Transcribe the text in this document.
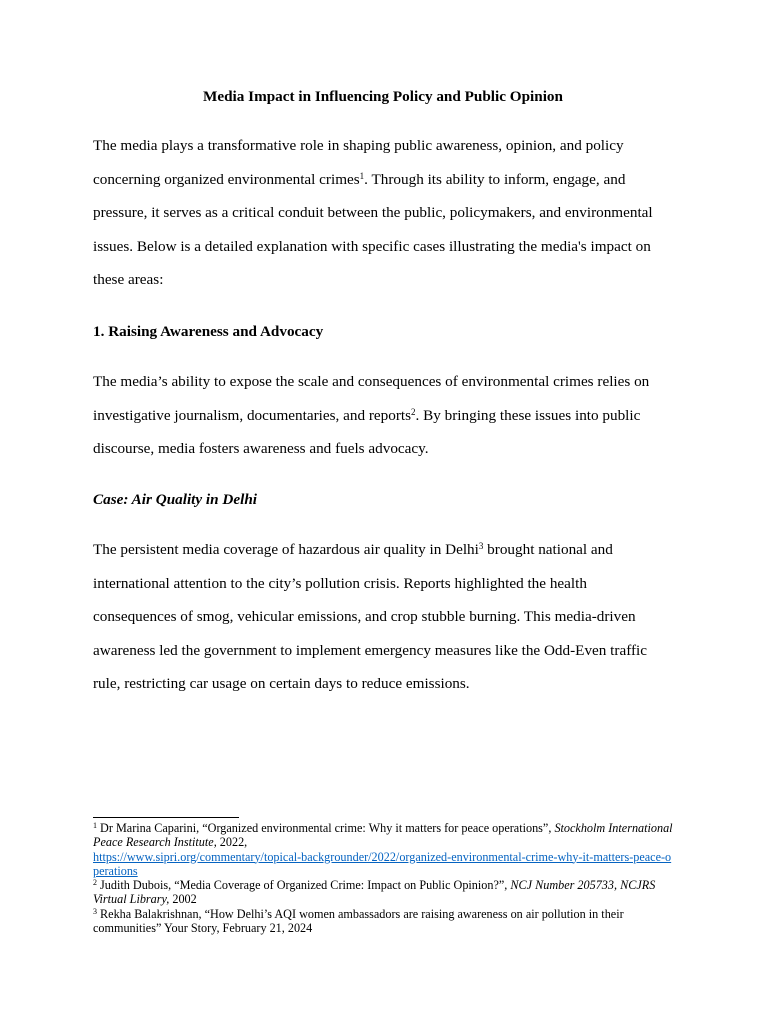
Media Impact in Influencing Policy and Public Opinion

The media plays a transformative role in shaping public awareness, opinion, and policy concerning organized environmental crimes$^1$. Through its ability to inform, engage, and pressure, it serves as a critical conduit between the public, policymakers, and environmental issues. Below is a detailed explanation with specific cases illustrating the media's impact on these areas:

1. Raising Awareness and Advocacy

The media’s ability to expose the scale and consequences of environmental crimes relies on investigative journalism, documentaries, and reports$^2$. By bringing these issues into public discourse, media fosters awareness and fuels advocacy.

Case: Air Quality in Delhi

The persistent media coverage of hazardous air quality in Delhi$^3$ brought national and international attention to the city’s pollution crisis. Reports highlighted the health consequences of smog, vehicular emissions, and crop stubble burning. This media-driven awareness led the government to implement emergency measures like the Odd-Even traffic rule, restricting car usage on certain days to reduce emissions.

$^1$ Dr Marina Caparini, “Organized environmental crime: Why it matters for peace operations”, Stockholm International Peace Research Institute, 2022,
https://www.sipri.org/commentary/topical-backgrounder/2022/organized-environmental-crime-why-it-matters-peace-operations

$^2$ Judith Dubois, “Media Coverage of Organized Crime: Impact on Public Opinion?”, NCJ Number 205733, NCJRS Virtual Library, 2002

$^3$ Rekha Balakrishnan, “How Delhi’s AQI women ambassadors are raising awareness on air pollution in their communities” Your Story, February 21, 2024
